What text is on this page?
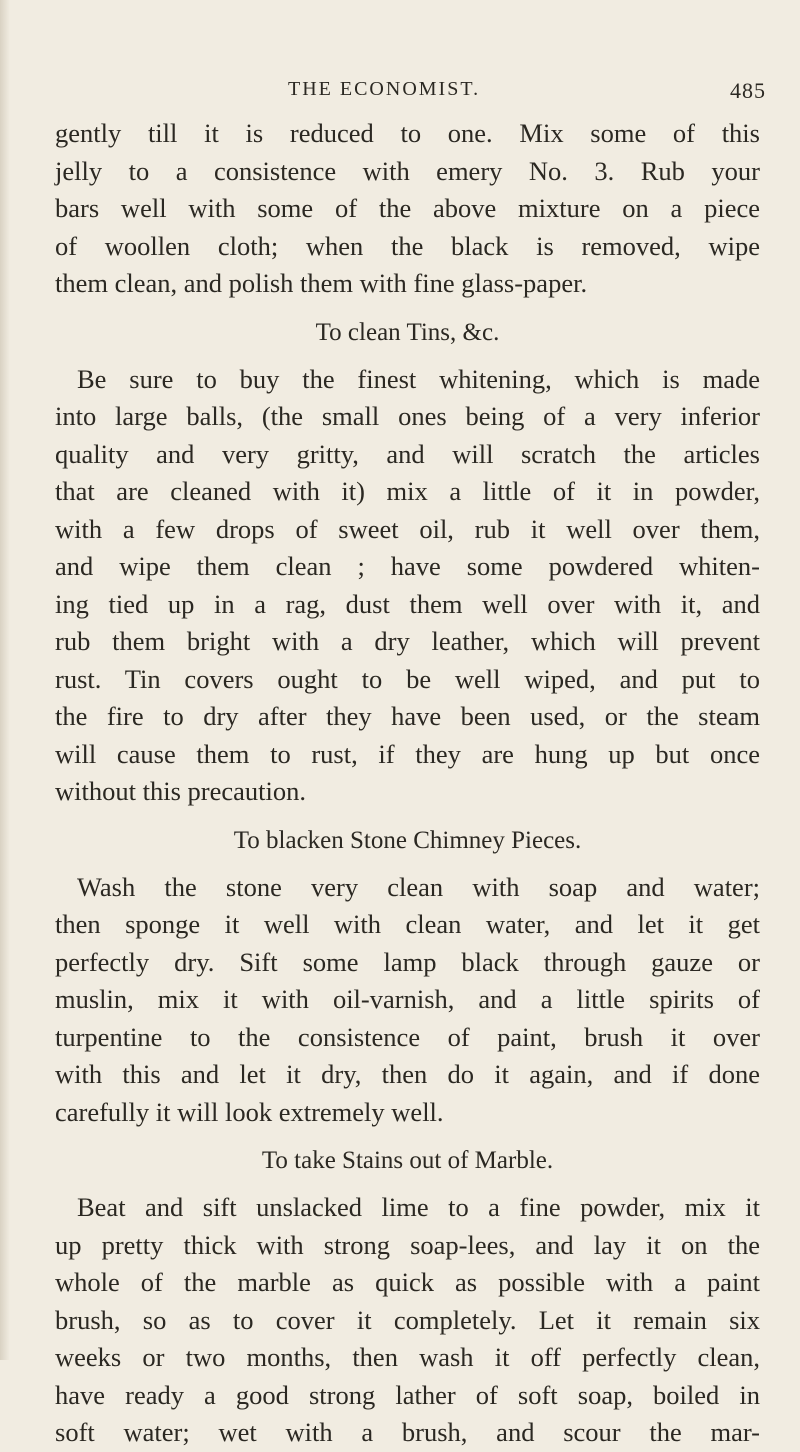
THE ECONOMIST.	485
gently till it is reduced to one. Mix some of this
jelly to a consistence with emery No. 3. Rub your
bars well with some of the above mixture on a piece
of woollen cloth; when the black is removed, wipe
them clean, and polish them with fine glass-paper.
To clean Tins, &c.
Be sure to buy the finest whitening, which is made
into large balls, (the small ones being of a very inferior
quality and very gritty, and will scratch the articles
that are cleaned with it) mix a little of it in powder,
with a few drops of sweet oil, rub it well over them,
and wipe them clean ; have some powdered whiten-
ing tied up in a rag, dust them well over with it, and
rub them bright with a dry leather, which will prevent
rust. Tin covers ought to be well wiped, and put to
the fire to dry after they have been used, or the steam
will cause them to rust, if they are hung up but once
without this precaution.
To blacken Stone Chimney Pieces.
Wash the stone very clean with soap and water;
then sponge it well with clean water, and let it get
perfectly dry. Sift some lamp black through gauze or
muslin, mix it with oil-varnish, and a little spirits of
turpentine to the consistence of paint, brush it over
with this and let it dry, then do it again, and if done
carefully it will look extremely well.
To take Stains out of Marble.
Beat and sift unslacked lime to a fine powder, mix it
up pretty thick with strong soap-lees, and lay it on the
whole of the marble as quick as possible with a paint
brush, so as to cover it completely. Let it remain six
weeks or two months, then wash it off perfectly clean,
have ready a good strong lather of soft soap, boiled in
soft water; wet with a brush, and scour the mar-
